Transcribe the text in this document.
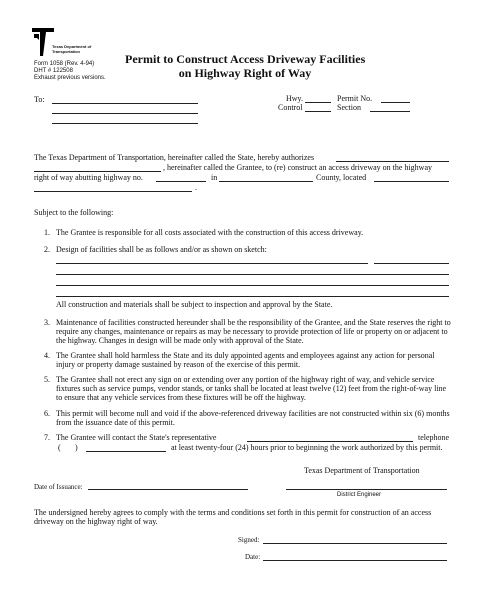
Texas Department of Transportation
Form 1058 (Rev. 4-94)
DHT # 122508
Exhaust previous versions.
Permit to Construct Access Driveway Facilities
on Highway Right of Way
To:	Hwy.	Permit No.
Control	Section
The Texas Department of Transportation, hereinafter called the State, hereby authorizes
, hereinafter called the Grantee, to (re) construct an access driveway on the highway
right of way abutting highway no.	in	County, located
.
Subject to the following:
1. The Grantee is responsible for all costs associated with the construction of this access driveway.
2. Design of facilities shall be as follows and/or as shown on sketch:
All construction and materials shall be subject to inspection and approval by the State.
3. Maintenance of facilities constructed hereunder shall be the responsibility of the Grantee, and the State reserves the right to require any changes, maintenance or repairs as may be necessary to provide protection of life or property on or adjacent to the highway. Changes in design will be made only with approval of the State.
4. The Grantee shall hold harmless the State and its duly appointed agents and employees against any action for personal injury or property damage sustained by reason of the exercise of this permit.
5. The Grantee shall not erect any sign on or extending over any portion of the highway right of way, and vehicle service fixtures such as service pumps, vendor stands, or tanks shall be located at least twelve (12) feet from the right-of-way line to ensure that any vehicle services from these fixtures will be off the highway.
6. This permit will become null and void if the above-referenced driveway facilities are not constructed within six (6) months from the issuance date of this permit.
7. The Grantee will contact the State's representative	telephone
( )	at least twenty-four (24) hours prior to beginning the work authorized by this permit.
Texas Department of Transportation
Date of Issuance:
District Engineer
The undersigned hereby agrees to comply with the terms and conditions set forth in this permit for construction of an access driveway on the highway right of way.
Signed:
Date:
